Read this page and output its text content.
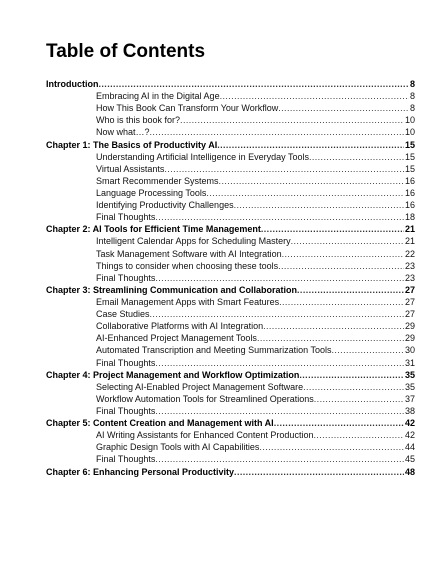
Table of Contents
Introduction .....	8
Embracing AI in the Digital Age .....	8
How This Book Can Transform Your Workflow .....	8
Who is this book for? .....	10
Now what…? .....	10
Chapter 1: The Basics of Productivity AI .....	15
Understanding Artificial Intelligence in Everyday Tools .....	15
Virtual Assistants .....	15
Smart Recommender Systems .....	16
Language Processing Tools .....	16
Identifying Productivity Challenges .....	16
Final Thoughts .....	18
Chapter 2: AI Tools for Efficient Time Management .....	21
Intelligent Calendar Apps for Scheduling Mastery .....	21
Task Management Software with AI Integration .....	22
Things to consider when choosing these tools .....	23
Final Thoughts .....	23
Chapter 3: Streamlining Communication and Collaboration .....	27
Email Management Apps with Smart Features .....	27
Case Studies .....	27
Collaborative Platforms with AI Integration .....	29
AI-Enhanced Project Management Tools .....	29
Automated Transcription and Meeting Summarization Tools .....	30
Final Thoughts .....	31
Chapter 4: Project Management and Workflow Optimization .....	35
Selecting AI-Enabled Project Management Software .....	35
Workflow Automation Tools for Streamlined Operations .....	37
Final Thoughts .....	38
Chapter 5: Content Creation and Management with AI .....	42
AI Writing Assistants for Enhanced Content Production .....	42
Graphic Design Tools with AI Capabilities .....	44
Final Thoughts .....	45
Chapter 6: Enhancing Personal Productivity .....	48
